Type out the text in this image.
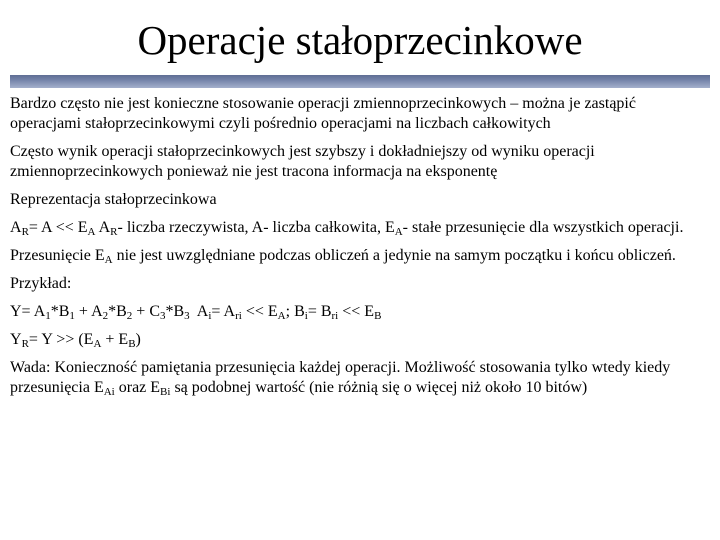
Operacje stałoprzecinkowe

Bardzo często nie jest konieczne stosowanie operacji zmiennoprzecinkowych – można je zastąpić operacjami stałoprzecinkowymi czyli pośrednio operacjami na liczbach całkowitych

Często wynik operacji stałoprzecinkowych jest szybszy i dokładniejszy od wyniku operacji zmiennoprzecinkowych ponieważ nie jest tracona informacja na eksponentę

Reprezentacja stałoprzecinkowa

$A_R= A << E_A$ $A_R-$ liczba rzeczywista, A- liczba całkowita, $E_A-$ stałe przesunięcie dla wszystkich operacji.

Przesunięcie $E_A$ nie jest uwzględniane podczas obliczeń a jedynie na samym początku i końcu obliczeń.

Przykład:

$Y= A_1*B_1 + A_2*B_2 + C_3*B_3$  $A_i= A_{ri} << E_A$; $B_i= B_{ri} << E_B$

$Y_R= Y >> (E_A + E_B)$

Wada: Konieczność pamiętania przesunięcia każdej operacji. Możliwość stosowania tylko wtedy kiedy przesunięcia $E_{Ai}$ oraz $E_{Bi}$ są podobnej wartość (nie różnią się o więcej niż około 10 bitów)
